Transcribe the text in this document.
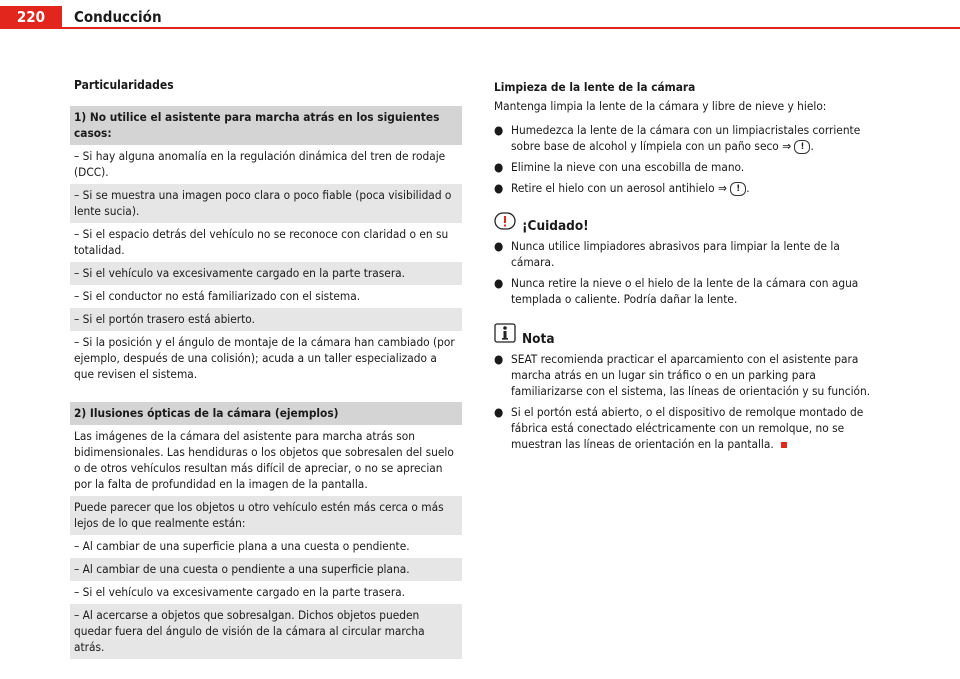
220	Conducción
Particularidades
1) No utilice el asistente para marcha atrás en los siguientes casos:
– Si hay alguna anomalía en la regulación dinámica del tren de rodaje (DCC).
– Si se muestra una imagen poco clara o poco fiable (poca visibilidad o lente sucia).
– Si el espacio detrás del vehículo no se reconoce con claridad o en su totalidad.
– Si el vehículo va excesivamente cargado en la parte trasera.
– Si el conductor no está familiarizado con el sistema.
– Si el portón trasero está abierto.
– Si la posición y el ángulo de montaje de la cámara han cambiado (por ejemplo, después de una colisión); acuda a un taller especializado a que revisen el sistema.
2) Ilusiones ópticas de la cámara (ejemplos)
Las imágenes de la cámara del asistente para marcha atrás son bidimensionales. Las hendiduras o los objetos que sobresalen del suelo o de otros vehículos resultan más difícil de apreciar, o no se aprecian por la falta de profundidad en la imagen de la pantalla.
Puede parecer que los objetos u otro vehículo estén más cerca o más lejos de lo que realmente están:
– Al cambiar de una superficie plana a una cuesta o pendiente.
– Al cambiar de una cuesta o pendiente a una superficie plana.
– Si el vehículo va excesivamente cargado en la parte trasera.
– Al acercarse a objetos que sobresalgan. Dichos objetos pueden quedar fuera del ángulo de visión de la cámara al circular marcha atrás.
Limpieza de la lente de la cámara

Mantenga limpia la lente de la cámara y libre de nieve y hielo:

● Humedezca la lente de la cámara con un limpiacristales corriente sobre base de alcohol y límpiela con un paño seco ⇒ ! .
● Elimine la nieve con una escobilla de mano.
● Retire el hielo con un aerosol antihielo ⇒ ! .
¡Cuidado!
● Nunca utilice limpiadores abrasivos para limpiar la lente de la cámara.
● Nunca retire la nieve o el hielo de la lente de la cámara con agua templada o caliente. Podría dañar la lente.
Nota
● SEAT recomienda practicar el aparcamiento con el asistente para marcha atrás en un lugar sin tráfico o en un parking para familiarizarse con el sistema, las líneas de orientación y su función.
● Si el portón está abierto, o el dispositivo de remolque montado de fábrica está conectado eléctricamente con un remolque, no se muestran las líneas de orientación en la pantalla.
